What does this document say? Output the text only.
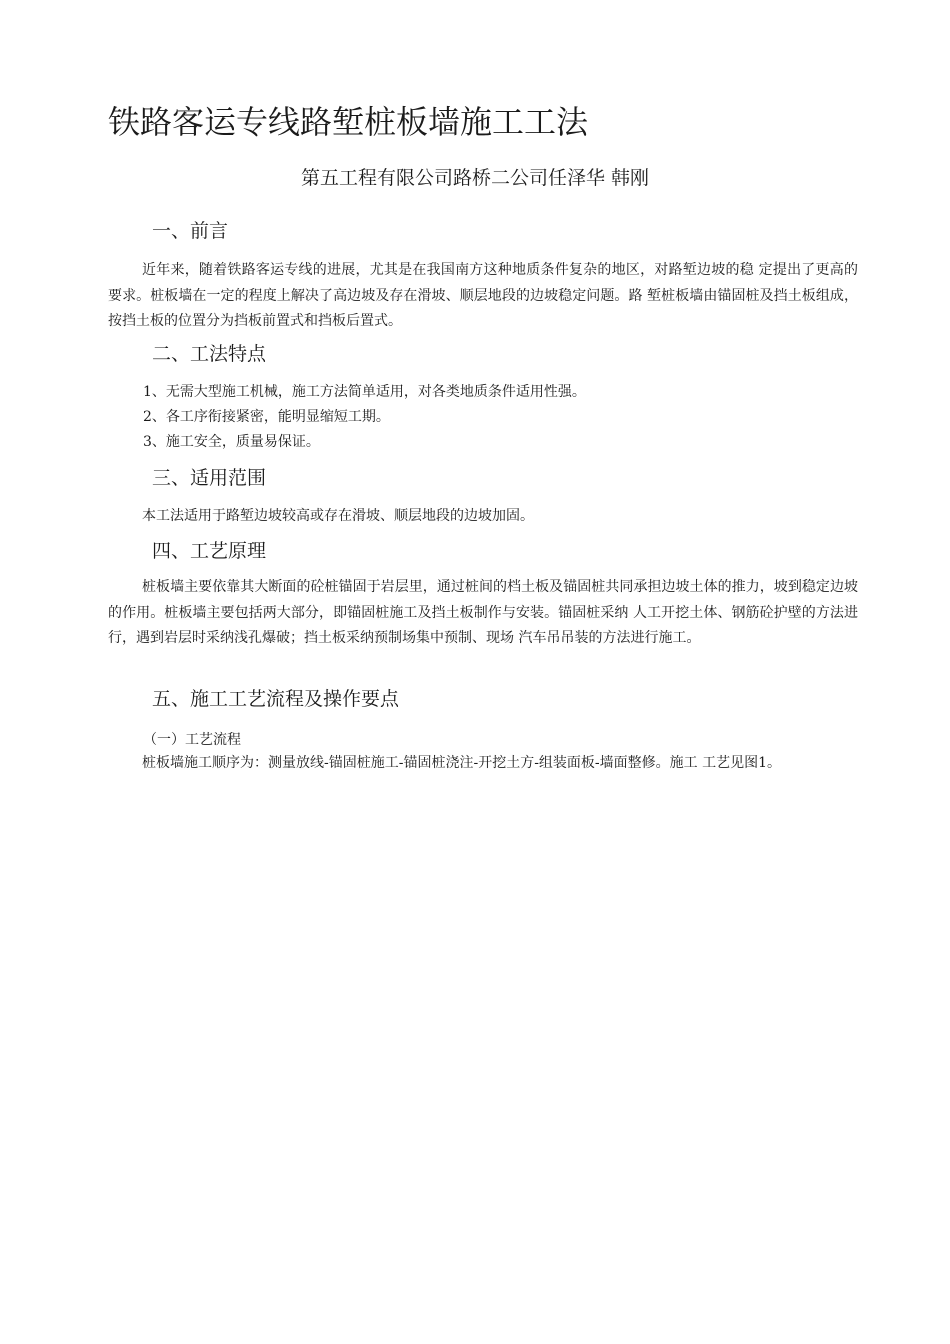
铁路客运专线路堑桩板墙施工工法
第五工程有限公司路桥二公司任泽华 韩刚
一、前言
近年来，随着铁路客运专线的进展，尤其是在我国南方这种地质条件复杂的地区，对路堑边坡的稳 定提出了更高的要求。桩板墙在一定的程度上解决了高边坡及存在滑坡、顺层地段的边坡稳定问题。路 堑桩板墙由锚固桩及挡土板组成，按挡土板的位置分为挡板前置式和挡板后置式。
二、工法特点
1、无需大型施工机械，施工方法简单适用，对各类地质条件适用性强。
2、各工序衔接紧密，能明显缩短工期。
3、施工安全，质量易保证。
三、适用范围
本工法适用于路堑边坡较高或存在滑坡、顺层地段的边坡加固。
四、工艺原理
桩板墙主要依靠其大断面的砼桩锚固于岩层里，通过桩间的档土板及锚固桩共同承担边坡土体的推力，坡到稳定边坡的作用。桩板墙主要包括两大部分，即锚固桩施工及挡土板制作与安装。锚固桩采纳 人工开挖土体、钢筋砼护壁的方法进行，遇到岩层时采纳浅孔爆破；挡土板采纳预制场集中预制、现场 汽车吊吊装的方法进行施工。
五、施工工艺流程及操作要点
（一）工艺流程
桩板墙施工顺序为：测量放线-锚固桩施工-锚固桩浇注-开挖土方-组装面板-墙面整修。施工 工艺见图1。
